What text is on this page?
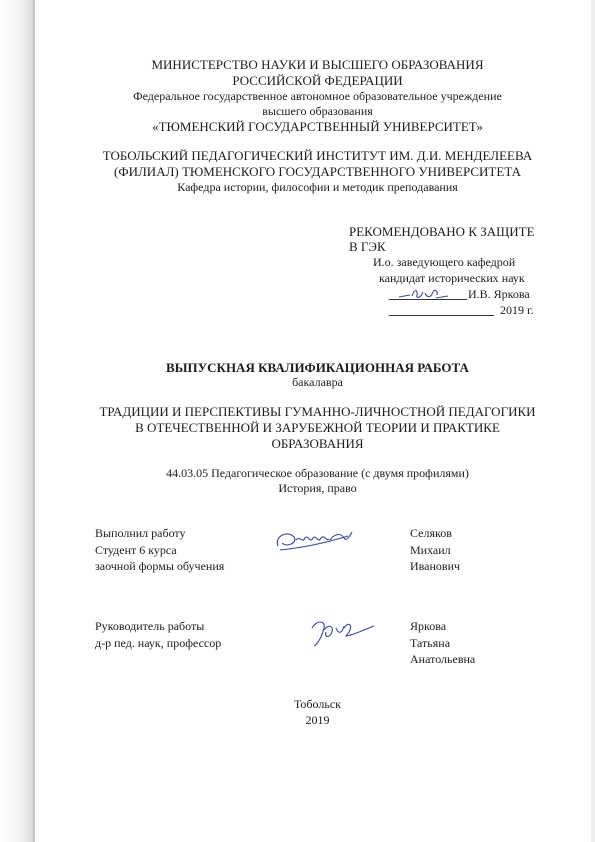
МИНИСТЕРСТВО НАУКИ И ВЫСШЕГО ОБРАЗОВАНИЯ
РОССИЙСКОЙ ФЕДЕРАЦИИ
Федеральное государственное автономное образовательное учреждение
высшего образования
«ТЮМЕНСКИЙ ГОСУДАРСТВЕННЫЙ УНИВЕРСИТЕТ»
ТОБОЛЬСКИЙ ПЕДАГОГИЧЕСКИЙ ИНСТИТУТ ИМ. Д.И. МЕНДЕЛЕЕВА
(ФИЛИАЛ) ТЮМЕНСКОГО ГОСУДАРСТВЕННОГО УНИВЕРСИТЕТА
Кафедра истории, философии и методик преподавания
РЕКОМЕНДОВАНО К ЗАЩИТЕ
В ГЭК
И.о. заведующего кафедрой
кандидат исторических наук
И.В. Яркова
2019 г.
ВЫПУСКНАЯ КВАЛИФИКАЦИОННАЯ РАБОТА
бакалавра
ТРАДИЦИИ И ПЕРСПЕКТИВЫ ГУМАННО-ЛИЧНОСТНОЙ ПЕДАГОГИКИ
В ОТЕЧЕСТВЕННОЙ И ЗАРУБЕЖНОЙ ТЕОРИИ И ПРАКТИКЕ
ОБРАЗОВАНИЯ
44.03.05 Педагогическое образование (с двумя профилями)
История, право
Выполнил работу
Студент 6 курса
заочной формы обучения
Селяков
Михаил
Иванович
Руководитель работы
д-р пед. наук, профессор
Яркова
Татьяна
Анатольевна
Тобольск
2019
